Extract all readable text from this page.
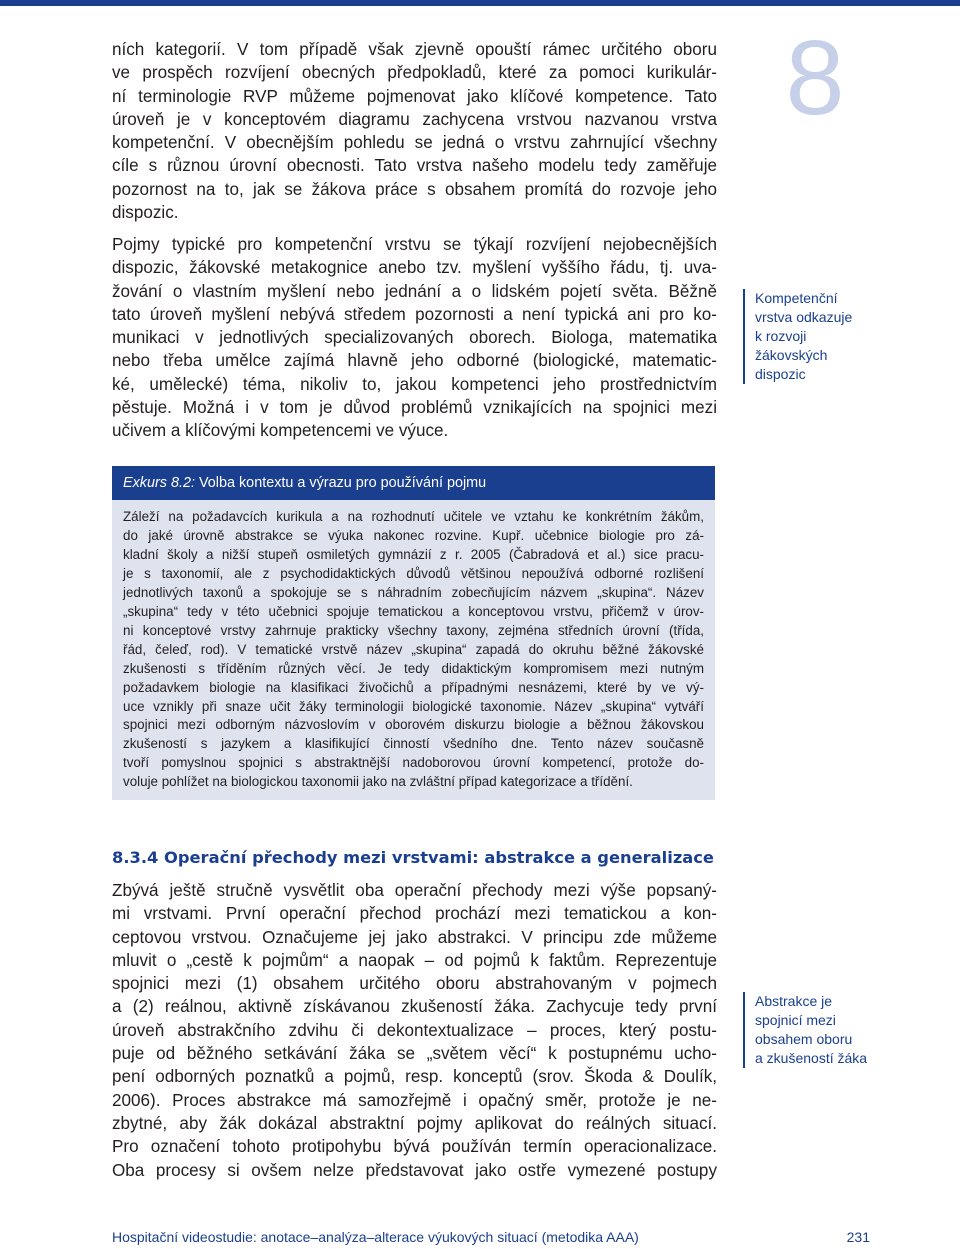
8
ních kategorií. V tom případě však zjevně opouští rámec určitého oboru
ve prospěch rozvíjení obecných předpokladů, které za pomoci kurikulár-
ní terminologie RVP můžeme pojmenovat jako klíčové kompetence. Tato
úroveň je v konceptovém diagramu zachycena vrstvou nazvanou vrstva
kompetenční. V obecnějším pohledu se jedná o vrstvu zahrnující všechny
cíle s různou úrovní obecnosti. Tato vrstva našeho modelu tedy zaměřuje
pozornost na to, jak se žákova práce s obsahem promítá do rozvoje jeho
dispozic.
Pojmy typické pro kompetenční vrstvu se týkají rozvíjení nejobecnějších
dispozic, žákovské metakognice anebo tzv. myšlení vyššího řádu, tj. uva-
žování o vlastním myšlení nebo jednání a o lidském pojetí světa. Běžně
tato úroveň myšlení nebývá středem pozornosti a není typická ani pro ko-
munikaci v jednotlivých specializovaných oborech. Biologa, matematika
nebo třeba umělce zajímá hlavně jeho odborné (biologické, matematic-
ké, umělecké) téma, nikoliv to, jakou kompetenci jeho prostřednictvím
pěstuje. Možná i v tom je důvod problémů vznikajících na spojnici mezi
učivem a klíčovými kompetencemi ve výuce.
Kompetenční
vrstva odkazuje
k rozvoji
žákovských
dispozic
Exkurs 8.2: Volba kontextu a výrazu pro používání pojmu
Záleží na požadavcích kurikula a na rozhodnutí učitele ve vztahu ke konkrétním žákům,
do jaké úrovně abstrakce se výuka nakonec rozvine. Kupř. učebnice biologie pro zá-
kladní školy a nižší stupeň osmiletých gymnázií z r. 2005 (Čabradová et al.) sice pracu-
je s taxonomií, ale z psychodidaktických důvodů většinou nepoužívá odborné rozlišení
jednotlivých taxonů a spokojuje se s náhradním zobecňujícím názvem „skupina“. Název
„skupina“ tedy v této učebnici spojuje tematickou a konceptovou vrstvu, přičemž v úrov-
ni konceptové vrstvy zahrnuje prakticky všechny taxony, zejména středních úrovní (třída,
řád, čeleď, rod). V tematické vrstvě název „skupina“ zapadá do okruhu běžné žákovské
zkušenosti s tříděním různých věcí. Je tedy didaktickým kompromisem mezi nutným
požadavkem biologie na klasifikaci živočichů a případnými nesnázemi, které by ve vý-
uce vznikly při snaze učit žáky terminologii biologické taxonomie. Název „skupina“ vytváří
spojnici mezi odborným názvoslovím v oborovém diskurzu biologie a běžnou žákovskou
zkušeností s jazykem a klasifikující činností všedního dne. Tento název současně
tvoří pomyslnou spojnici s abstraktnější nadoborovou úrovní kompetencí, protože do-
voluje pohlížet na biologickou taxonomii jako na zvláštní případ kategorizace a třídění.
8.3.4 Operační přechody mezi vrstvami: abstrakce a generalizace
Zbývá ještě stručně vysvětlit oba operační přechody mezi výše popsaný-
mi vrstvami. První operační přechod prochází mezi tematickou a kon-
ceptovou vrstvou. Označujeme jej jako abstrakci. V principu zde můžeme
mluvit o „cestě k pojmům“ a naopak – od pojmů k faktům. Reprezentuje
spojnici mezi (1) obsahem určitého oboru abstrahovaným v pojmech
a (2) reálnou, aktivně získávanou zkušeností žáka. Zachycuje tedy první
úroveň abstrakčního zdvihu či dekontextualizace – proces, který postu-
puje od běžného setkávání žáka se „světem věcí“ k postupnému ucho-
pení odborných poznatků a pojmů, resp. konceptů (srov. Škoda & Doulík,
2006). Proces abstrakce má samozřejmě i opačný směr, protože je ne-
zbytné, aby žák dokázal abstraktní pojmy aplikovat do reálných situací.
Pro označení tohoto protipohybu bývá používán termín operacionalizace.
Oba procesy si ovšem nelze představovat jako ostře vymezené postupy
Abstrakce je
spojnicí mezi
obsahem oboru
a zkušeností žáka
Hospitační videostudie: anotace–analýza–alterace výukových situací (metodika AAA)	231
